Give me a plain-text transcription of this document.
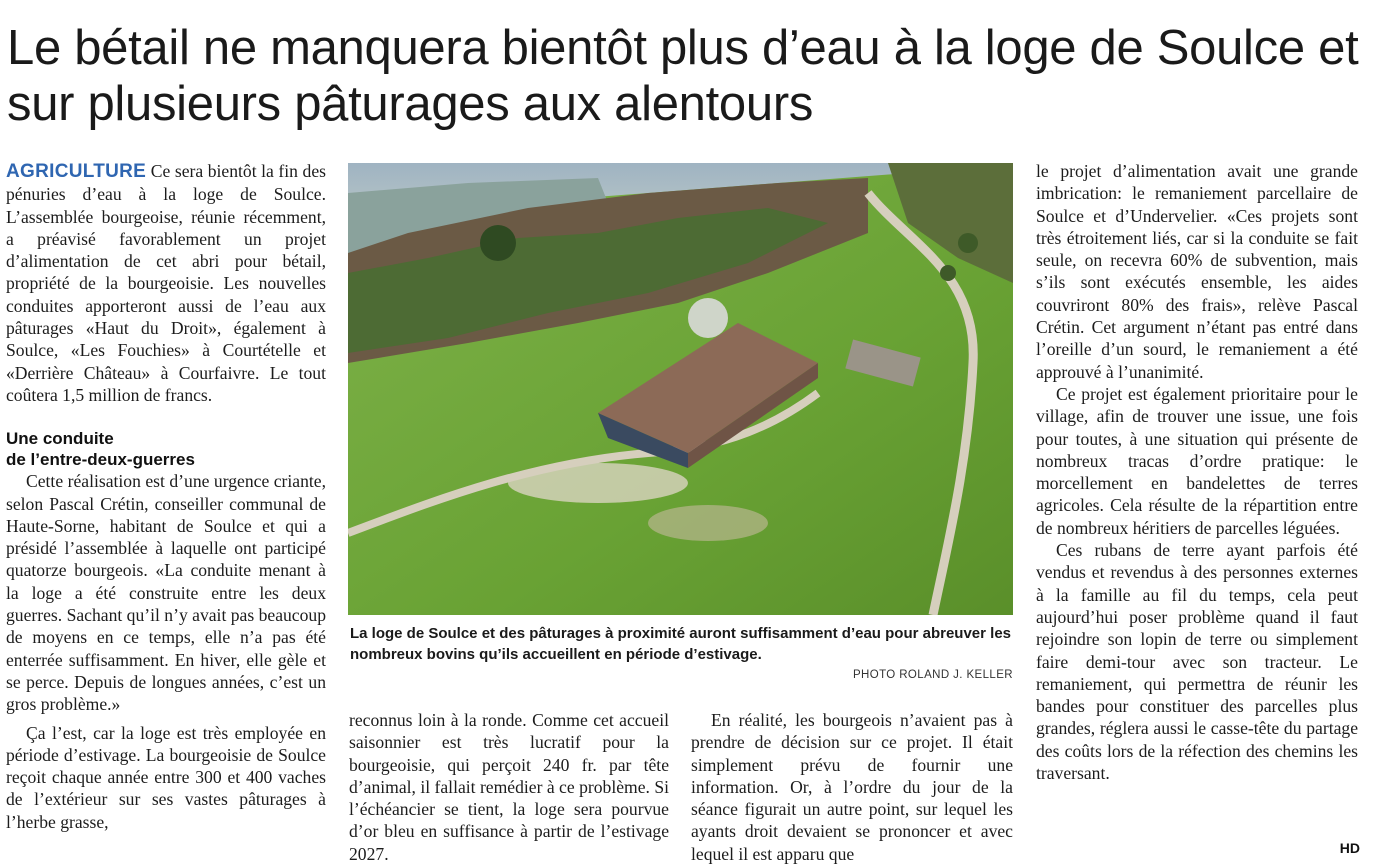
Le bétail ne manquera bientôt plus d’eau à la loge de Soulce et sur plusieurs pâturages aux alentours

AGRICULTURE Ce sera bientôt la fin des pénuries d’eau à la loge de Soulce. L’assemblée bourgeoise, réunie récemment, a préavisé favorablement un projet d’alimentation de cet abri pour bétail, propriété de la bourgeoisie. Les nouvelles conduites apporteront aussi de l’eau aux pâturages «Haut du Droit», également à Soulce, «Les Fouchies» à Courtételle et «Derrière Château» à Courfaivre. Le tout coûtera 1,5 million de francs.

Une conduite
de l’entre-deux-guerres

Cette réalisation est d’une urgence criante, selon Pascal Crétin, conseiller communal de Haute-Sorne, habitant de Soulce et qui a présidé l’assemblée à laquelle ont participé quatorze bourgeois. «La conduite menant à la loge a été construite entre les deux guerres. Sachant qu’il n’y avait pas beaucoup de moyens en ce temps, elle n’a pas été enterrée suffisamment. En hiver, elle gèle et se perce. Depuis de longues années, c’est un gros problème.»

Ça l’est, car la loge est très employée en période d’estivage. La bourgeoisie de Soulce reçoit chaque année entre 300 et 400 vaches de l’extérieur sur ses vastes pâturages à l’herbe grasse,

La loge de Soulce et des pâturages à proximité auront suffisamment d’eau pour abreuver les nombreux bovins qu’ils accueillent en période d’estivage.
PHOTO ROLAND J. KELLER

reconnus loin à la ronde. Comme cet accueil saisonnier est très lucratif pour la bourgeoisie, qui perçoit 240 fr. par tête d’animal, il fallait remédier à ce problème. Si l’échéancier se tient, la loge sera pourvue d’or bleu en suffisance à partir de l’estivage 2027.

En réalité, les bourgeois n’avaient pas à prendre de décision sur ce projet. Il était simplement prévu de fournir une information. Or, à l’ordre du jour de la séance figurait un autre point, sur lequel les ayants droit devaient se prononcer et avec lequel il est apparu que

le projet d’alimentation avait une grande imbrication: le remaniement parcellaire de Soulce et d’Undervelier. «Ces projets sont très étroitement liés, car si la conduite se fait seule, on recevra 60% de subvention, mais s’ils sont exécutés ensemble, les aides couvriront 80% des frais», relève Pascal Crétin. Cet argument n’étant pas entré dans l’oreille d’un sourd, le remaniement a été approuvé à l’unanimité.

Ce projet est également prioritaire pour le village, afin de trouver une issue, une fois pour toutes, à une situation qui présente de nombreux tracas d’ordre pratique: le morcellement en bandelettes de terres agricoles. Cela résulte de la répartition entre de nombreux héritiers de parcelles léguées.

Ces rubans de terre ayant parfois été vendus et revendus à des personnes externes à la famille au fil du temps, cela peut aujourd’hui poser problème quand il faut rejoindre son lopin de terre ou simplement faire demi-tour avec son tracteur. Le remaniement, qui permettra de réunir les bandes pour constituer des parcelles plus grandes, réglera aussi le casse-tête du partage des coûts lors de la réfection des chemins les traversant.

HD
